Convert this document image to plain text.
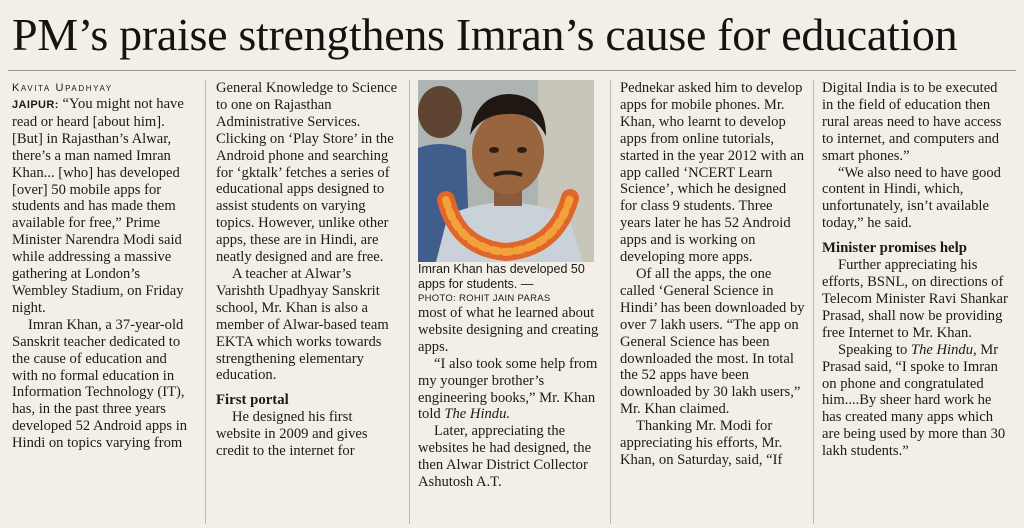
PM’s praise strengthens Imran’s cause for education

Kavita Upadhyay

JAIPUR: “You might not have read or heard [about him]. [But] in Rajasthan’s Alwar, there’s a man named Imran Khan... [who] has developed [over] 50 mobile apps for students and has made them available for free,” Prime Minister Narendra Modi said while addressing a massive gathering at London’s Wembley Stadium, on Friday night.

Imran Khan, a 37-year-old Sanskrit teacher dedicated to the cause of education and with no formal education in Information Technology (IT), has, in the past three years developed 52 Android apps in Hindi on topics varying from

General Knowledge to Science to one on Rajasthan Administrative Services. Clicking on ‘Play Store’ in the Android phone and searching for ‘gktalk’ fetches a series of educational apps designed to assist students on varying topics. However, unlike other apps, these are in Hindi, are neatly designed and are free.

A teacher at Alwar’s Varishth Upadhyay Sanskrit school, Mr. Khan is also a member of Alwar-based team EKTA which works towards strengthening elementary education.

First portal

He designed his first website in 2009 and gives credit to the internet for

Imran Khan has developed 50 apps for students. —

PHOTO: ROHIT JAIN PARAS

most of what he learned about website designing and creating apps.

“I also took some help from my younger brother’s engineering books,” Mr. Khan told The Hindu.

Later, appreciating the websites he had designed, the then Alwar District Collector Ashutosh A.T.

Pednekar asked him to develop apps for mobile phones. Mr. Khan, who learnt to develop apps from online tutorials, started in the year 2012 with an app called ‘NCERT Learn Science’, which he designed for class 9 students. Three years later he has 52 Android apps and is working on developing more apps.

Of all the apps, the one called ‘General Science in Hindi’ has been downloaded by over 7 lakh users. “The app on General Science has been downloaded the most. In total the 52 apps have been downloaded by 30 lakh users,” Mr. Khan claimed.

Thanking Mr. Modi for appreciating his efforts, Mr. Khan, on Saturday, said, “If

Digital India is to be executed in the field of education then rural areas need to have access to internet, and computers and smart phones.”

“We also need to have good content in Hindi, which, unfortunately, isn’t available today,” he said.

Minister promises help

Further appreciating his efforts, BSNL, on directions of Telecom Minister Ravi Shankar Prasad, shall now be providing free Internet to Mr. Khan.

Speaking to The Hindu, Mr Prasad said, “I spoke to Imran on phone and congratulated him....By sheer hard work he has created many apps which are being used by more than 30 lakh students.”
